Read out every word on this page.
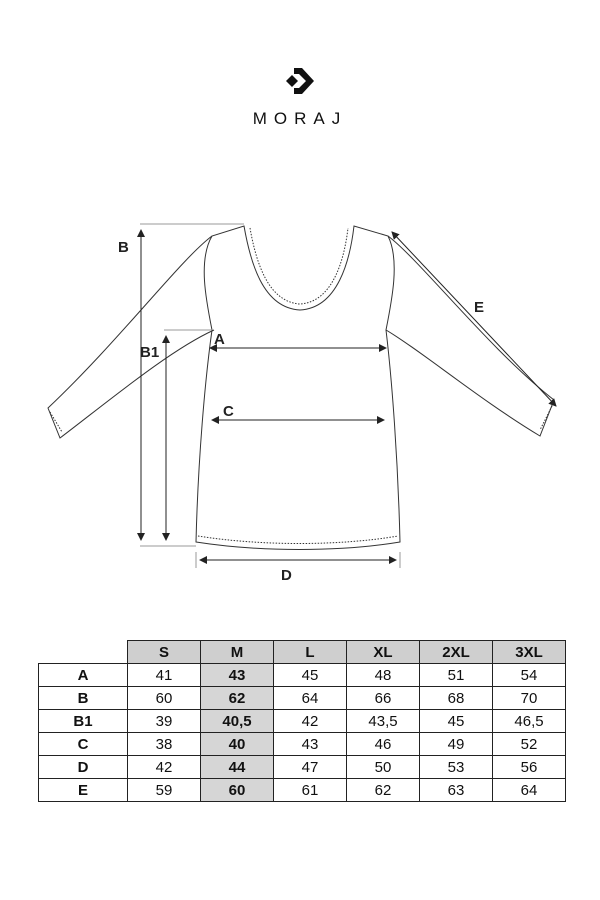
MORAJ
B
B1
A
C
D
E
	S	M	L	XL	2XL	3XL
A	41	43	45	48	51	54
B	60	62	64	66	68	70
B1	39	40,5	42	43,5	45	46,5
C	38	40	43	46	49	52
D	42	44	47	50	53	56
E	59	60	61	62	63	64
